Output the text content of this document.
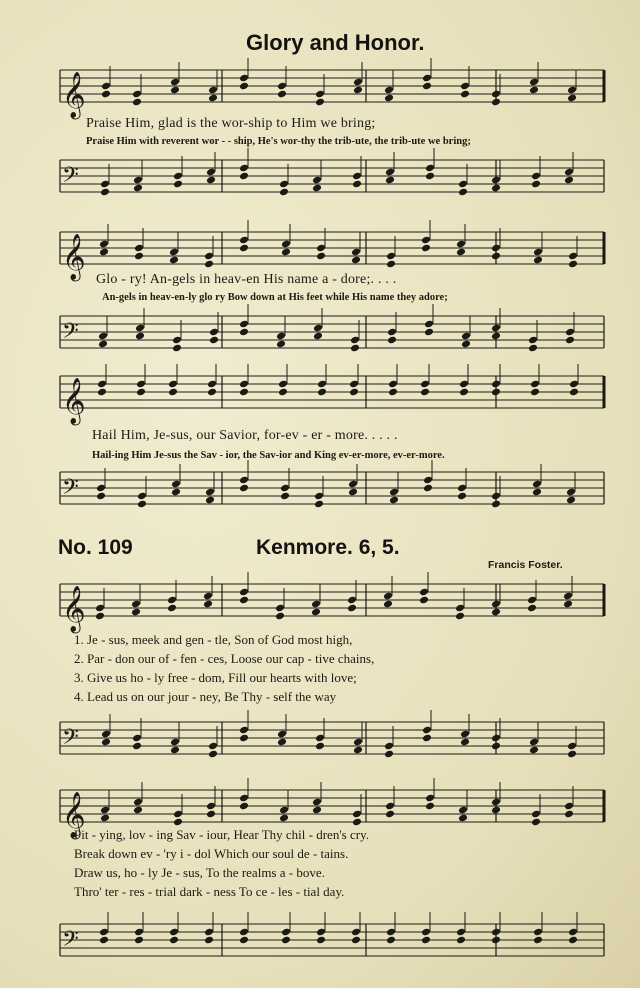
Glory and Honor.
𝄞
Praise Him, glad is the wor-ship to Him we bring;
Praise Him with reverent wor - - ship, He's wor-thy the trib-ute, the trib-ute we bring;
𝄢
𝄞 Glo - ry! An-gels in heav-en His name a - dore;. . . .
An-gels in heav-en-ly glo ry Bow down at His feet while His name they adore;
𝄢
𝄞
Hail Him, Je-sus, our Savior, for-ev - er - more. . . . .
Hail-ing Him Je-sus the Sav - ior, the Sav-ior and King ev-er-more, ev-er-more.
𝄢
No. 109	Kenmore. 6, 5.
Francis Foster.
𝄞
1. Je - sus, meek and gen - tle, Son of God most high,
2. Par - don our of - fen - ces, Loose our cap - tive chains,
3. Give us ho - ly free - dom, Fill our hearts with love;
4. Lead us on our jour - ney, Be Thy - self the way
𝄢
𝄞
Pit - ying, lov - ing Sav - iour, Hear Thy chil - dren's cry.
Break down ev - 'ry i - dol Which our soul de - tains.
Draw us, ho - ly Je - sus, To the realms a - bove.
Thro' ter - res - trial dark - ness To ce - les - tial day.
𝄢
